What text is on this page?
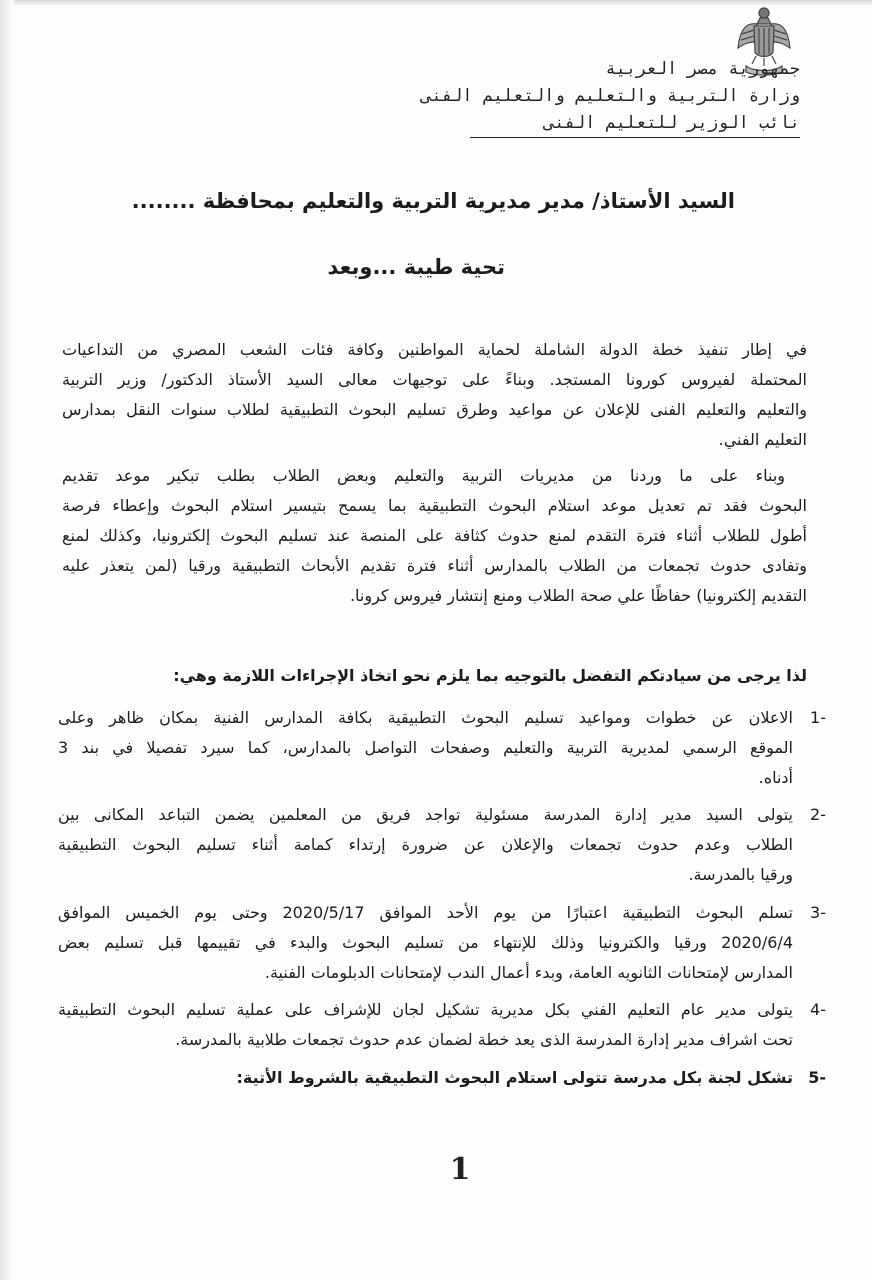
جمهورية مصر العربية
وزارة التربية والتعليم والتعليم الفنى
نائب الوزير للتعليم الفنى
السيد الأستاذ/ مدير مديرية التربية والتعليم بمحافظة ........
تحية طيبة ...وبعد
في إطار تنفيذ خطة الدولة الشاملة لحماية المواطنين وكافة فئات الشعب المصري من التداعيات
المحتملة لفيروس كورونا المستجد. وبناءً على توجيهات معالى السيد الأستاذ الدكتور/ وزير التربية
والتعليم والتعليم الفنى للإعلان عن مواعيد وطرق تسليم البحوث التطبيقية لطلاب سنوات النقل بمدارس
التعليم الفني.
وبناء على ما وردنا من مديريات التربية والتعليم وبعض الطلاب بطلب تبكير موعد تقديم
البحوث فقد تم تعديل موعد استلام البحوث التطبيقية بما يسمح بتيسير استلام البحوث وإعطاء فرصة
أطول للطلاب أثناء فترة التقدم لمنع حدوث كثافة على المنصة عند تسليم البحوث إلكترونيا، وكذلك لمنع
وتفادى حدوث تجمعات من الطلاب بالمدارس أثناء فترة تقديم الأبحاث التطبيقية ورقيا (لمن يتعذر عليه
التقديم إلكترونيا) حفاظًا علي صحة الطلاب ومنع إنتشار فيروس كرونا.
لذا يرجى من سيادتكم التفضل بالتوجيه بما يلزم نحو اتخاذ الإجراءات اللازمة وهي:
1-
الاعلان عن خطوات ومواعيد تسليم البحوث التطبيقية بكافة المدارس الفنية بمكان ظاهر وعلى
الموقع الرسمي لمديرية التربية والتعليم وصفحات التواصل بالمدارس، كما سيرد تفصيلا في بند 3
أدناه.
2-
يتولى السيد مدير إدارة المدرسة مسئولية تواجد فريق من المعلمين يضمن التباعد المكانى بين
الطلاب وعدم حدوث تجمعات والإعلان عن ضرورة إرتداء كمامة أثناء تسليم البحوث التطبيقية
ورقيا بالمدرسة.
3-
تسلم البحوث التطبيقية اعتبارًا من يوم الأحد الموافق 2020/5/17 وحتى يوم الخميس الموافق
2020/6/4 ورقيا والكترونيا وذلك للإنتهاء من تسليم البحوث والبدء في تقييمها قبل تسليم بعض
المدارس لإمتحانات الثانويه العامة، وبدء أعمال الندب لإمتحانات الدبلومات الفنية.
4-
يتولى مدير عام التعليم الفني بكل مديرية تشكيل لجان للإشراف على عملية تسليم البحوث التطبيقية
تحت اشراف مدير إدارة المدرسة الذى يعد خطة لضمان عدم حدوث تجمعات طلابية بالمدرسة.
5-
تشكل لجنة بكل مدرسة تتولى استلام البحوث التطبيقية بالشروط الأتية:
1
